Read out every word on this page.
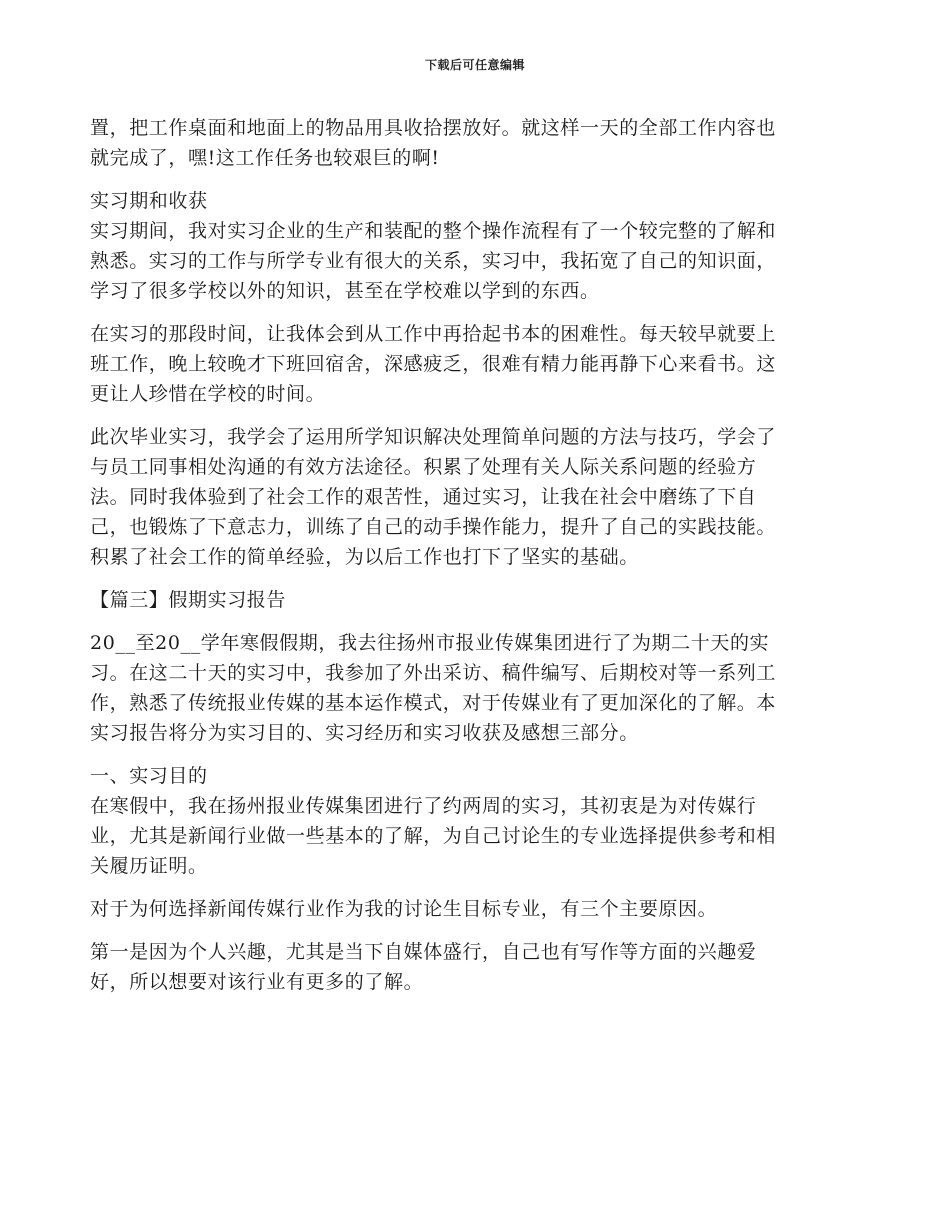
下载后可任意编辑

置，把工作桌面和地面上的物品用具收拾摆放好。就这样一天的全部工作内容也
就完成了，嘿!这工作任务也较艰巨的啊!

实习期和收获
实习期间，我对实习企业的生产和装配的整个操作流程有了一个较完整的了解和
熟悉。实习的工作与所学专业有很大的关系，实习中，我拓宽了自己的知识面，
学习了很多学校以外的知识，甚至在学校难以学到的东西。

在实习的那段时间，让我体会到从工作中再拾起书本的困难性。每天较早就要上
班工作，晚上较晚才下班回宿舍，深感疲乏，很难有精力能再静下心来看书。这
更让人珍惜在学校的时间。

此次毕业实习，我学会了运用所学知识解决处理简单问题的方法与技巧，学会了
与员工同事相处沟通的有效方法途径。积累了处理有关人际关系问题的经验方
法。同时我体验到了社会工作的艰苦性，通过实习，让我在社会中磨练了下自
己，也锻炼了下意志力，训练了自己的动手操作能力，提升了自己的实践技能。
积累了社会工作的简单经验，为以后工作也打下了坚实的基础。

【篇三】假期实习报告

20__至20__学年寒假假期，我去往扬州市报业传媒集团进行了为期二十天的实
习。在这二十天的实习中，我参加了外出采访、稿件编写、后期校对等一系列工
作，熟悉了传统报业传媒的基本运作模式，对于传媒业有了更加深化的了解。本
实习报告将分为实习目的、实习经历和实习收获及感想三部分。

一、实习目的
在寒假中，我在扬州报业传媒集团进行了约两周的实习，其初衷是为对传媒行
业，尤其是新闻行业做一些基本的了解，为自己讨论生的专业选择提供参考和相
关履历证明。

对于为何选择新闻传媒行业作为我的讨论生目标专业，有三个主要原因。

第一是因为个人兴趣，尤其是当下自媒体盛行，自己也有写作等方面的兴趣爱
好，所以想要对该行业有更多的了解。
